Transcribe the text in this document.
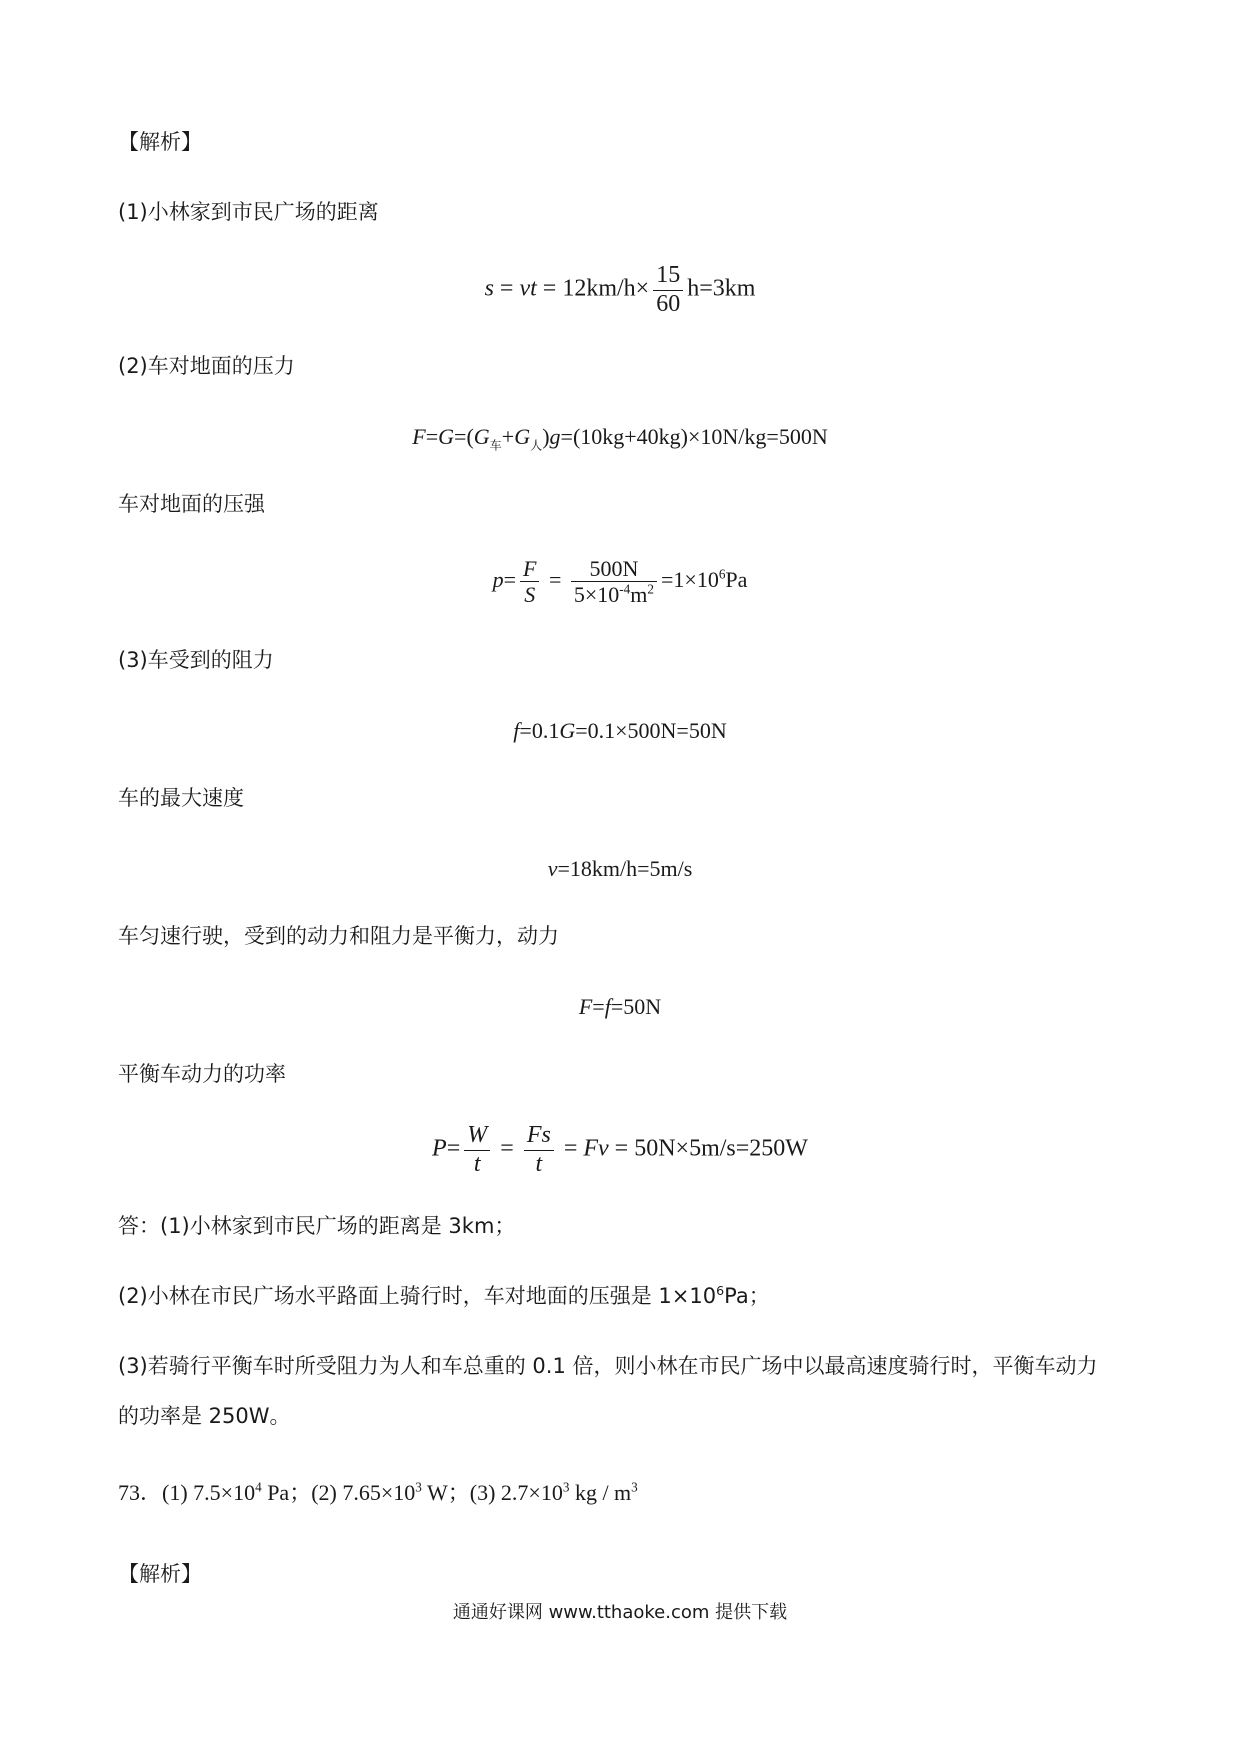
【解析】
(1)小林家到市民广场的距离
s = vt = $12km/h\times \frac{15}{60} h=3km$
(2)车对地面的压力
$F=G=(G_车+G_人)g=(10kg+40kg)\times 10N/kg=500N$
车对地面的压强
$p= \frac{F}{S} = \frac{500N}{5\times 10^{-4}m^2} =1\times 10^6Pa$
(3)车受到的阻力
f=0.1G=0.1×500N=50N
车的最大速度
v=18km/h=5m/s
车匀速行驶，受到的动力和阻力是平衡力，动力
F=f=50N
平衡车动力的功率
$P= \frac{W}{t} = \frac{Fs}{t} = Fv = 50N\times 5m/s=250W$
答：(1)小林家到市民广场的距离是 3km；
(2)小林在市民广场水平路面上骑行时，车对地面的压强是 $1\times 10^6Pa$；
(3)若骑行平衡车时所受阻力为人和车总重的 0.1 倍，则小林在市民广场中以最高速度骑行时，平衡车动力
的功率是 250W。
73．(1) $7.5\times 10^4$ Pa；(2) $7.65\times 10^3$ W；(3) $2.7\times 10^3$ kg / $m^3$
【解析】
通通好课网 www.tthaoke.com 提供下载
